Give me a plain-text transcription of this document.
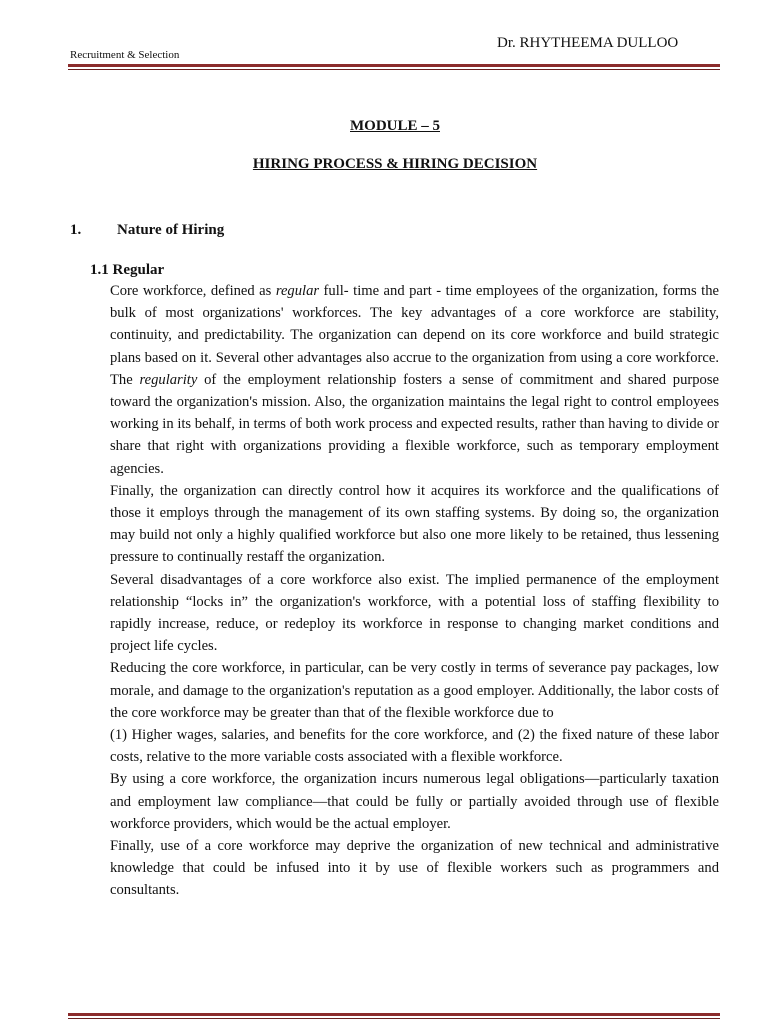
Dr. RHYTHEEMA DULLOO
Recruitment & Selection
MODULE – 5
HIRING PROCESS & HIRING DECISION
1. Nature of Hiring
1.1 Regular

Core workforce, defined as regular full- time and part - time employees of the organization, forms the bulk of most organizations' workforces. The key advantages of a core workforce are stability, continuity, and predictability. The organization can depend on its core workforce and build strategic plans based on it. Several other advantages also accrue to the organization from using a core workforce. The regularity of the employment relationship fosters a sense of commitment and shared purpose toward the organization's mission. Also, the organization maintains the legal right to control employees working in its behalf, in terms of both work process and expected results, rather than having to divide or share that right with organizations providing a flexible workforce, such as temporary employment agencies.

Finally, the organization can directly control how it acquires its workforce and the qualifications of those it employs through the management of its own staffing systems. By doing so, the organization may build not only a highly qualified workforce but also one more likely to be retained, thus lessening pressure to continually restaff the organization.

Several disadvantages of a core workforce also exist. The implied permanence of the employment relationship “locks in” the organization's workforce, with a potential loss of staffing flexibility to rapidly increase, reduce, or redeploy its workforce in response to changing market conditions and project life cycles.

Reducing the core workforce, in particular, can be very costly in terms of severance pay packages, low morale, and damage to the organization's reputation as a good employer. Additionally, the labor costs of the core workforce may be greater than that of the flexible workforce due to

(1) Higher wages, salaries, and benefits for the core workforce, and (2) the fixed nature of these labor costs, relative to the more variable costs associated with a flexible workforce.

By using a core workforce, the organization incurs numerous legal obligations—particularly taxation and employment law compliance—that could be fully or partially avoided through use of flexible workforce providers, which would be the actual employer.

Finally, use of a core workforce may deprive the organization of new technical and administrative knowledge that could be infused into it by use of flexible workers such as programmers and consultants.
